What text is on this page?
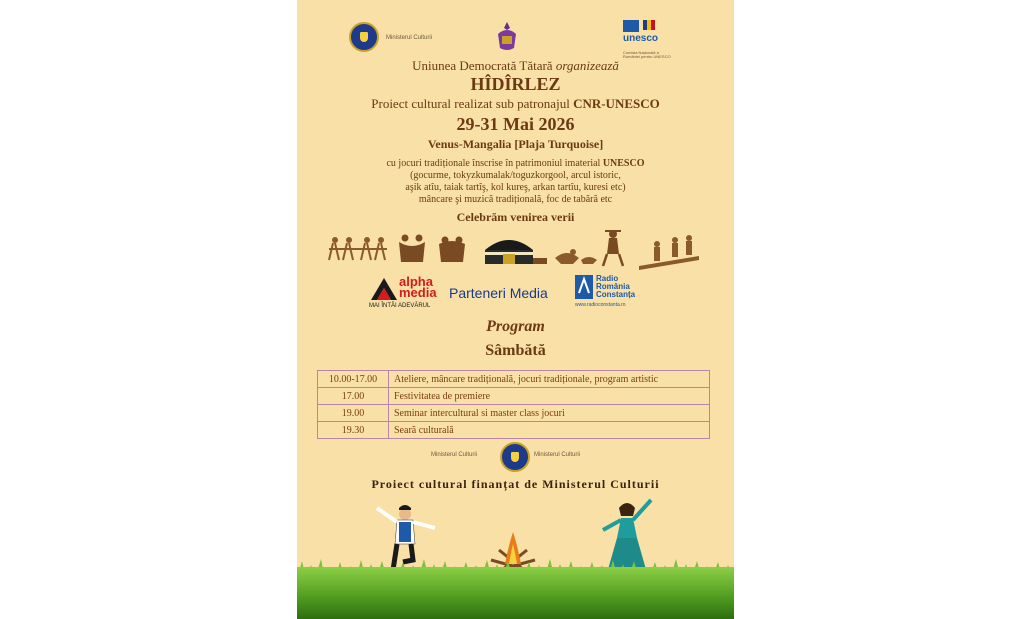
Ministerul Culturii	unesco
Comisia Națională a României pentru UNESCO
Uniunea Democrată Tătară organizează
HÎDÎRLEZ
Proiect cultural realizat sub patronajul CNR-UNESCO
29-31 Mai 2026
Venus-Mangalia [Plaja Turquoise]
cu jocuri tradiționale înscrise în patrimoniul imaterial UNESCO
(gocurme, tokyzkumalak/toguzkorgool, arcul istoric,
aşik atîu, taiak tartîş, kol kureş, arkan tartîu, kuresi etc)
mâncare şi muzică tradițională, foc de tabără etc
Celebrăm venirea verii
alpha
media
MAI ÎNTÂI ADEVĂRUL
Parteneri Media
Radio
România
Constanța
www.radioconstanta.ro
Program
Sâmbătă
10.00-17.00	Ateliere, mâncare tradițională, jocuri tradiționale, program artistic
17.00	Festivitatea de premiere
19.00	Seminar intercultural si master class jocuri
19.30	Seară culturală
Ministerul Culturii	Ministerul Culturii
Proiect cultural finanțat de Ministerul Culturii
